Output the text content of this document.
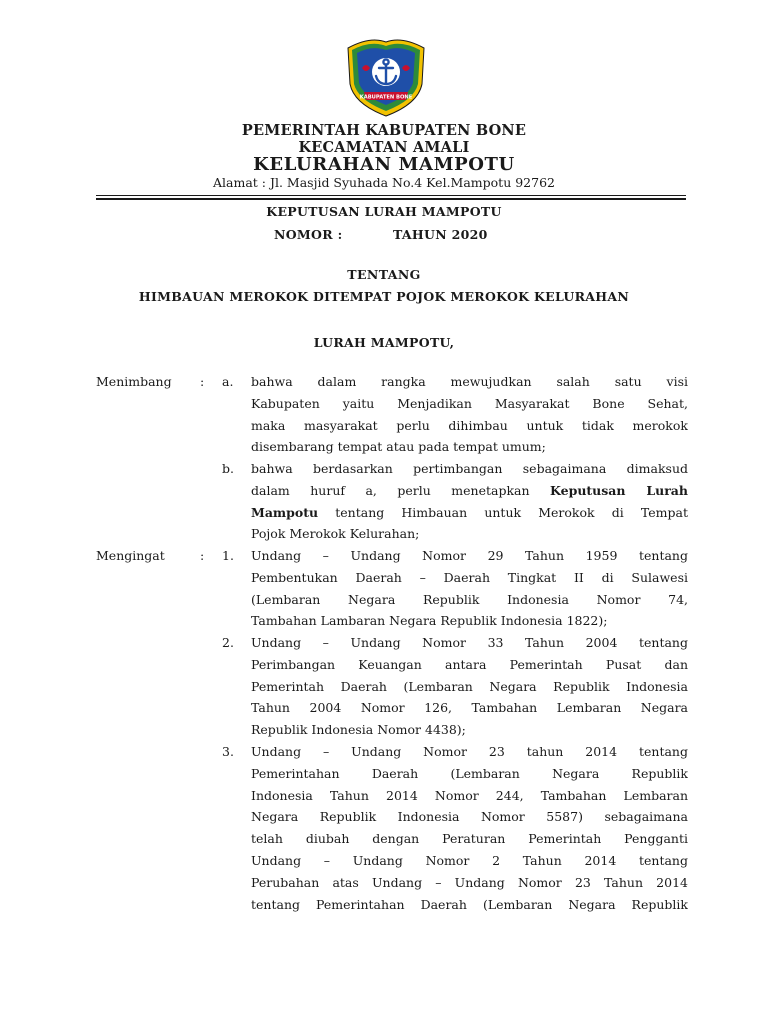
KABUPATEN BONE
PEMERINTAH KABUPATEN BONE
KECAMATAN AMALI
KELURAHAN MAMPOTU
Alamat : Jl. Masjid Syuhada No.4 Kel.Mampotu 92762
KEPUTUSAN LURAH MAMPOTU
NOMOR :	TAHUN 2020
TENTANG
HIMBAUAN MEROKOK DITEMPAT POJOK MEROKOK KELURAHAN
LURAH MAMPOTU,
Menimbang : a. bahwa dalam rangka mewujudkan salah satu visi
Kabupaten yaitu Menjadikan Masyarakat Bone Sehat,
maka masyarakat perlu dihimbau untuk tidak merokok
disembarang tempat atau pada tempat umum;
b. bahwa berdasarkan pertimbangan sebagaimana dimaksud
dalam huruf a, perlu menetapkan Keputusan Lurah
Mampotu tentang Himbauan untuk Merokok di Tempat
Pojok Merokok Kelurahan;
Mengingat	: 1. Undang – Undang Nomor 29 Tahun 1959 tentang
Pembentukan Daerah – Daerah Tingkat II di Sulawesi
(Lembaran Negara Republik Indonesia Nomor 74,
Tambahan Lambaran Negara Republik Indonesia 1822);
2. Undang – Undang Nomor 33 Tahun 2004 tentang
Perimbangan Keuangan antara Pemerintah Pusat dan
Pemerintah Daerah (Lembaran Negara Republik Indonesia
Tahun 2004 Nomor 126, Tambahan Lembaran Negara
Republik Indonesia Nomor 4438);
3. Undang – Undang Nomor 23 tahun 2014 tentang
Pemerintahan Daerah (Lembaran Negara Republik
Indonesia Tahun 2014 Nomor 244, Tambahan Lembaran
Negara Republik Indonesia Nomor 5587) sebagaimana
telah diubah dengan Peraturan Pemerintah Pengganti
Undang – Undang Nomor 2 Tahun 2014 tentang
Perubahan atas Undang – Undang Nomor 23 Tahun 2014
tentang Pemerintahan Daerah (Lembaran Negara Republik
